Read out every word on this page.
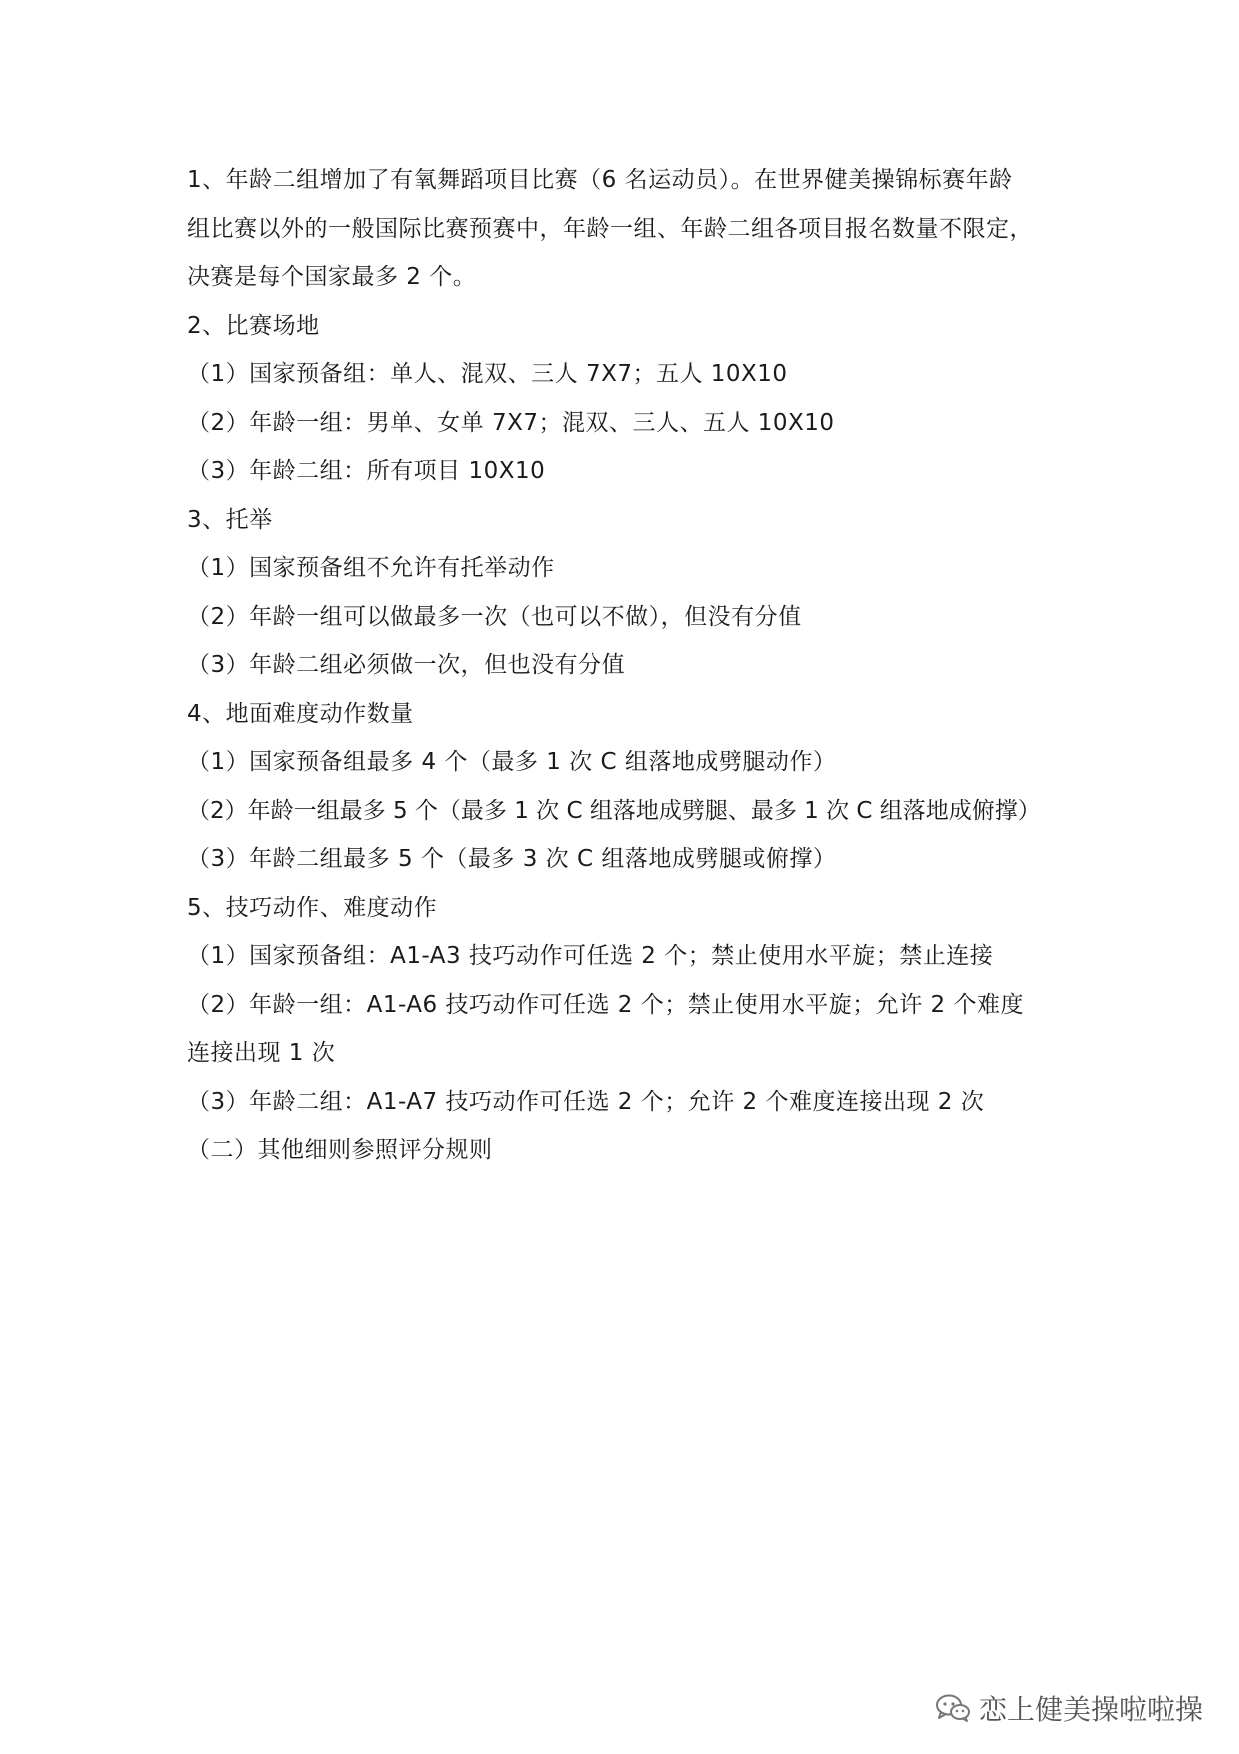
1、年龄二组增加了有氧舞蹈项目比赛（6 名运动员）。在世界健美操锦标赛年龄
组比赛以外的一般国际比赛预赛中，年龄一组、年龄二组各项目报名数量不限定，
决赛是每个国家最多 2 个。
2、比赛场地
（1）国家预备组：单人、混双、三人 7X7；五人 10X10
（2）年龄一组：男单、女单 7X7；混双、三人、五人 10X10
（3）年龄二组：所有项目 10X10
3、托举
（1）国家预备组不允许有托举动作
（2）年龄一组可以做最多一次（也可以不做），但没有分值
（3）年龄二组必须做一次，但也没有分值
4、地面难度动作数量
（1）国家预备组最多 4 个（最多 1 次 C 组落地成劈腿动作）
（2）年龄一组最多 5 个（最多 1 次 C 组落地成劈腿、最多 1 次 C 组落地成俯撑）
（3）年龄二组最多 5 个（最多 3 次 C 组落地成劈腿或俯撑）
5、技巧动作、难度动作
（1）国家预备组：A1-A3 技巧动作可任选 2 个；禁止使用水平旋；禁止连接
（2）年龄一组：A1-A6 技巧动作可任选 2 个；禁止使用水平旋；允许 2 个难度
连接出现 1 次
（3）年龄二组：A1-A7 技巧动作可任选 2 个；允许 2 个难度连接出现 2 次
（二）其他细则参照评分规则
恋上健美操啦啦操
